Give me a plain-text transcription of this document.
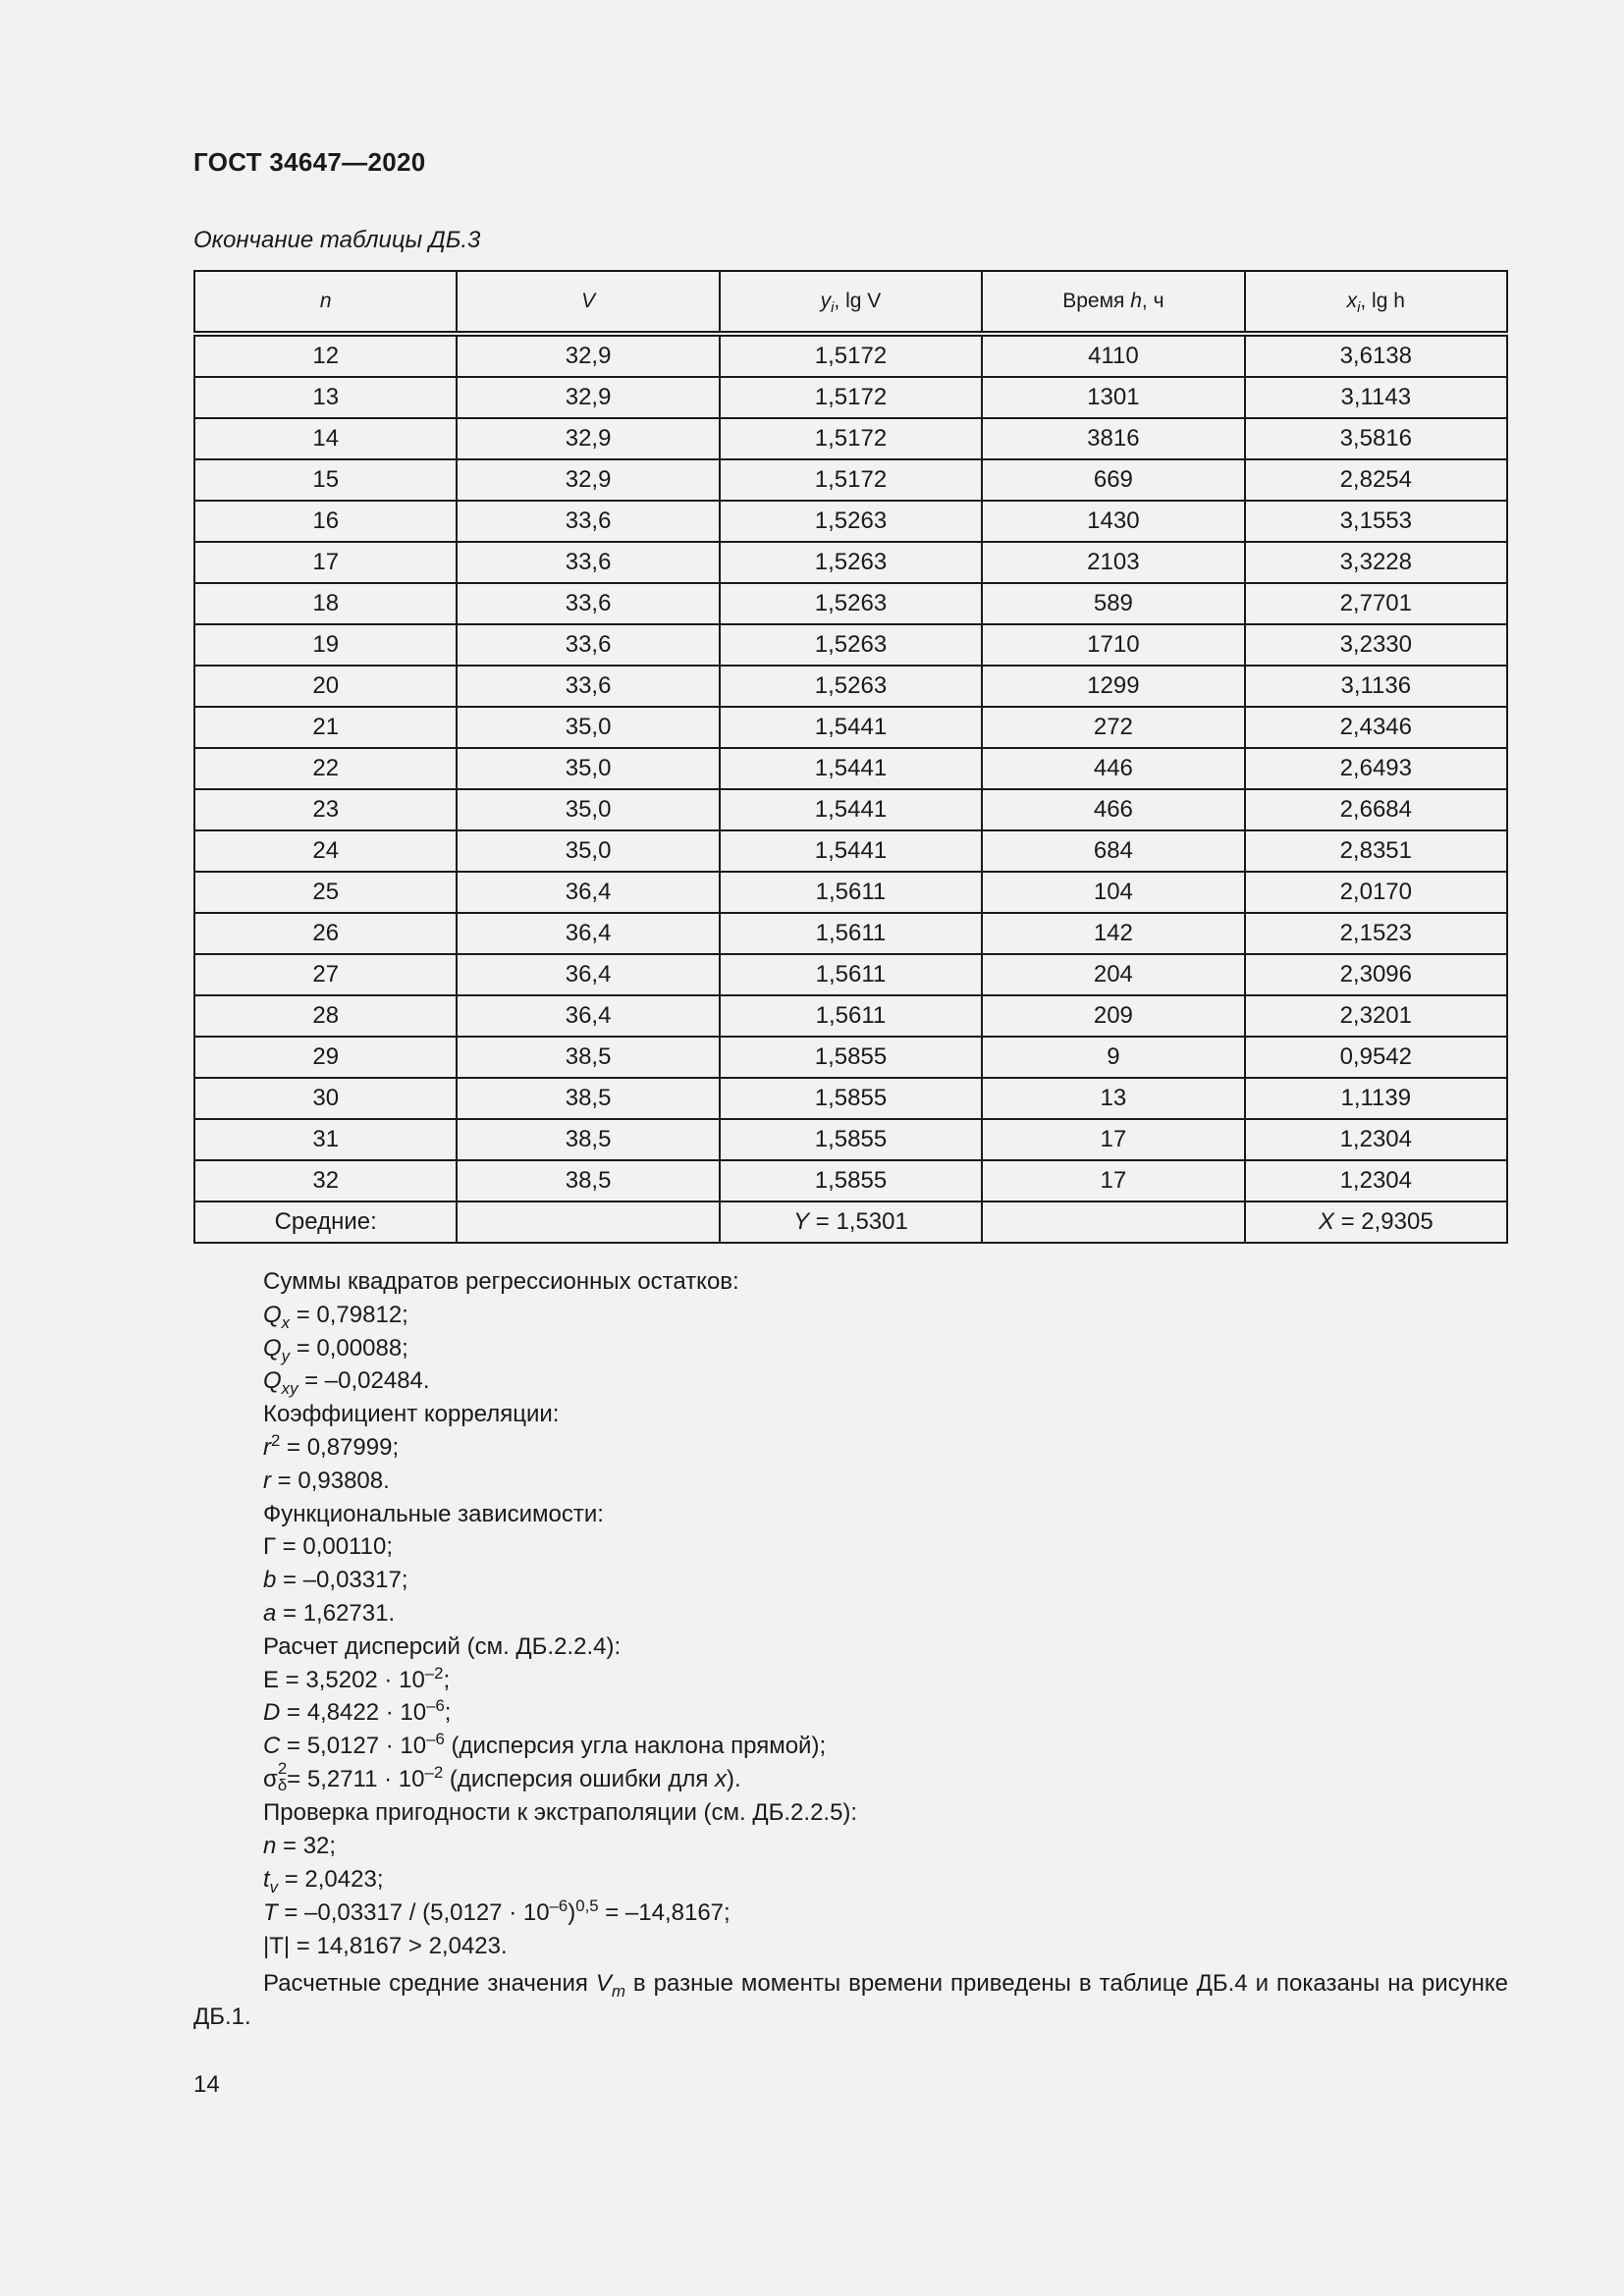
ГОСТ 34647—2020
Окончание таблицы ДБ.3
n	V	$y_i$, lg V	Время h, ч	$x_i$, lg h
12	32,9	1,5172	4110	3,6138
13	32,9	1,5172	1301	3,1143
14	32,9	1,5172	3816	3,5816
15	32,9	1,5172	669	2,8254
16	33,6	1,5263	1430	3,1553
17	33,6	1,5263	2103	3,3228
18	33,6	1,5263	589	2,7701
19	33,6	1,5263	1710	3,2330
20	33,6	1,5263	1299	3,1136
21	35,0	1,5441	272	2,4346
22	35,0	1,5441	446	2,6493
23	35,0	1,5441	466	2,6684
24	35,0	1,5441	684	2,8351
25	36,4	1,5611	104	2,0170
26	36,4	1,5611	142	2,1523
27	36,4	1,5611	204	2,3096
28	36,4	1,5611	209	2,3201
29	38,5	1,5855	9	0,9542
30	38,5	1,5855	13	1,1139
31	38,5	1,5855	17	1,2304
32	38,5	1,5855	17	1,2304
Средние:		Y = 1,5301		X = 2,9305
Суммы квадратов регрессионных остатков:
$Q_x = 0,79812$;
$Q_y = 0,00088$;
$Q_{xy} = -0,02484$.
Коэффициент корреляции:
$r^2 = 0,87999$;
r = 0,93808.
Функциональные зависимости:
Г = 0,00110;
b = –0,03317;
a = 1,62731.
Расчет дисперсий (см. ДБ.2.2.4):
$E = 3,5202 \cdot 10^{-2}$;
$D = 4,8422 \cdot 10^{-6}$;
$C = 5,0127 \cdot 10^{-6}$ (дисперсия угла наклона прямой);
σ 2
$\delta = 5,2711 \cdot 10^{-2}$ (дисперсия ошибки для x).
Проверка пригодности к экстраполяции (см. ДБ.2.2.5):
n = 32;
$t_v = 2,0423$;
$T = -0,03317 / (5,0127 \cdot 10^{-6})^{0,5} = -14,8167$;
|T| = 14,8167 > 2,0423.
Расчетные средние значения $V_m$ в разные моменты времени приведены в таблице ДБ.4 и показаны на рисунке ДБ.1.
14
